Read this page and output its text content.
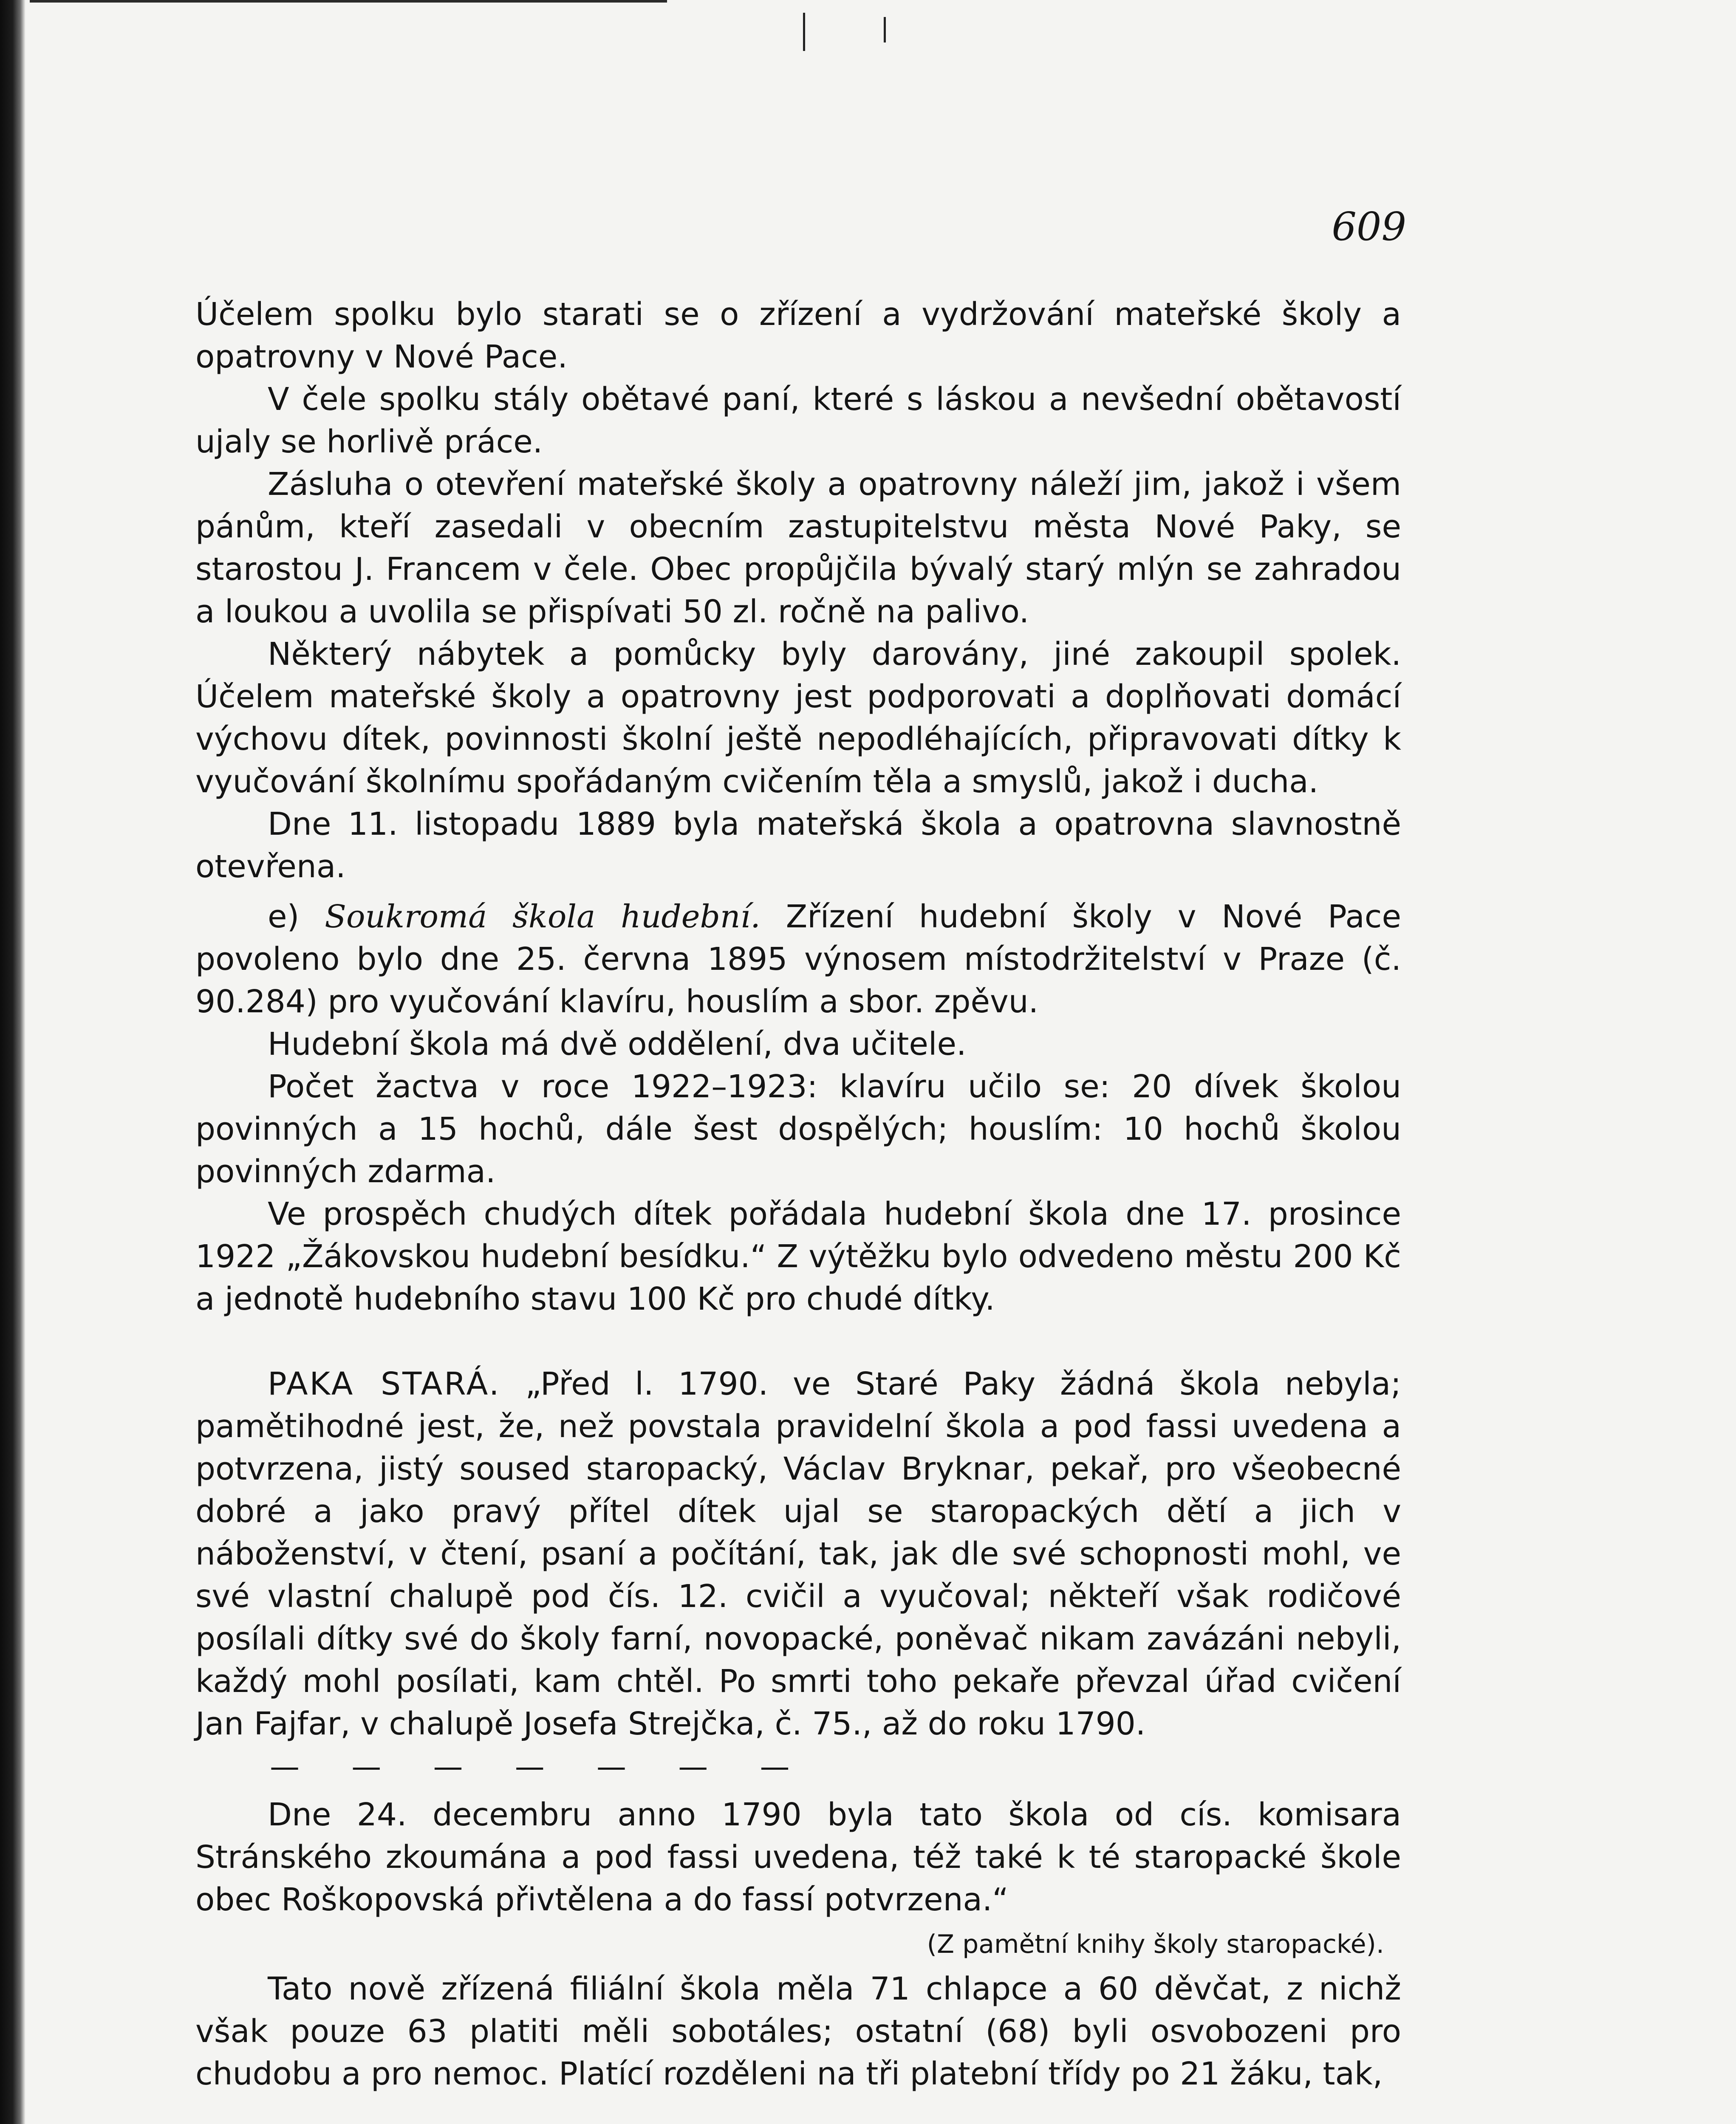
609

Účelem spolku bylo starati se o zřízení a vydržování mateřské školy a opatrovny v Nové Pace.

V čele spolku stály obětavé paní, které s láskou a nevšední obětavostí ujaly se horlivě práce.

Zásluha o otevření mateřské školy a opatrovny náleží jim, jakož i všem pánům, kteří zasedali v obecním zastupitelstvu města Nové Paky, se starostou J. Francem v čele. Obec propůjčila bývalý starý mlýn se zahradou a loukou a uvolila se přispívati 50 zl. ročně na palivo.

Některý nábytek a pomůcky byly darovány, jiné zakoupil spolek. Účelem mateřské školy a opatrovny jest podporovati a doplňovati domácí výchovu dítek, povinnosti školní ještě nepodléhajících, připravovati dítky k vyučování školnímu spořádaným cvičením těla a smyslů, jakož i ducha.

Dne 11. listopadu 1889 byla mateřská škola a opatrovna slavnostně otevřena.

e) Soukromá škola hudební. Zřízení hudební školy v Nové Pace povoleno bylo dne 25. června 1895 výnosem místodržitelství v Praze (č. 90.284) pro vyučování klavíru, houslím a sbor. zpěvu.

Hudební škola má dvě oddělení, dva učitele.

Počet žactva v roce 1922–1923: klavíru učilo se: 20 dívek školou povinných a 15 hochů, dále šest dospělých; houslím: 10 hochů školou povinných zdarma.

Ve prospěch chudých dítek pořádala hudební škola dne 17. prosince 1922 „Žákovskou hudební besídku.“ Z výtěžku bylo odvedeno městu 200 Kč a jednotě hudebního stavu 100 Kč pro chudé dítky.

PAKA STARÁ. „Před l. 1790. ve Staré Paky žádná škola nebyla; pamětihodné jest, že, než povstala pravidelní škola a pod fassi uvedena a potvrzena, jistý soused staropacký, Václav Bryknar, pekař, pro všeobecné dobré a jako pravý přítel dítek ujal se staropackých dětí a jich v náboženství, v čtení, psaní a počítání, tak, jak dle své schopnosti mohl, ve své vlastní chalupě pod čís. 12. cvičil a vyučoval; někteří však rodičové posílali dítky své do školy farní, novopacké, poněvač nikam zavázáni nebyli, každý mohl posílati, kam chtěl. Po smrti toho pekaře převzal úřad cvičení Jan Fajfar, v chalupě Josefa Strejčka, č. 75., až do roku 1790.

— — — — — — —

Dne 24. decembru anno 1790 byla tato škola od cís. komisara Stránského zkoumána a pod fassi uvedena, též také k té staropacké škole obec Roškopovská přivtělena a do fassí potvrzena.“

(Z pamětní knihy školy staropacké).

Tato nově zřízená filiální škola měla 71 chlapce a 60 děvčat, z nichž však pouze 63 platiti měli sobotáles; ostatní (68) byli osvobozeni pro chudobu a pro nemoc. Platící rozděleni na tři platební třídy po 21 žáku, tak,
